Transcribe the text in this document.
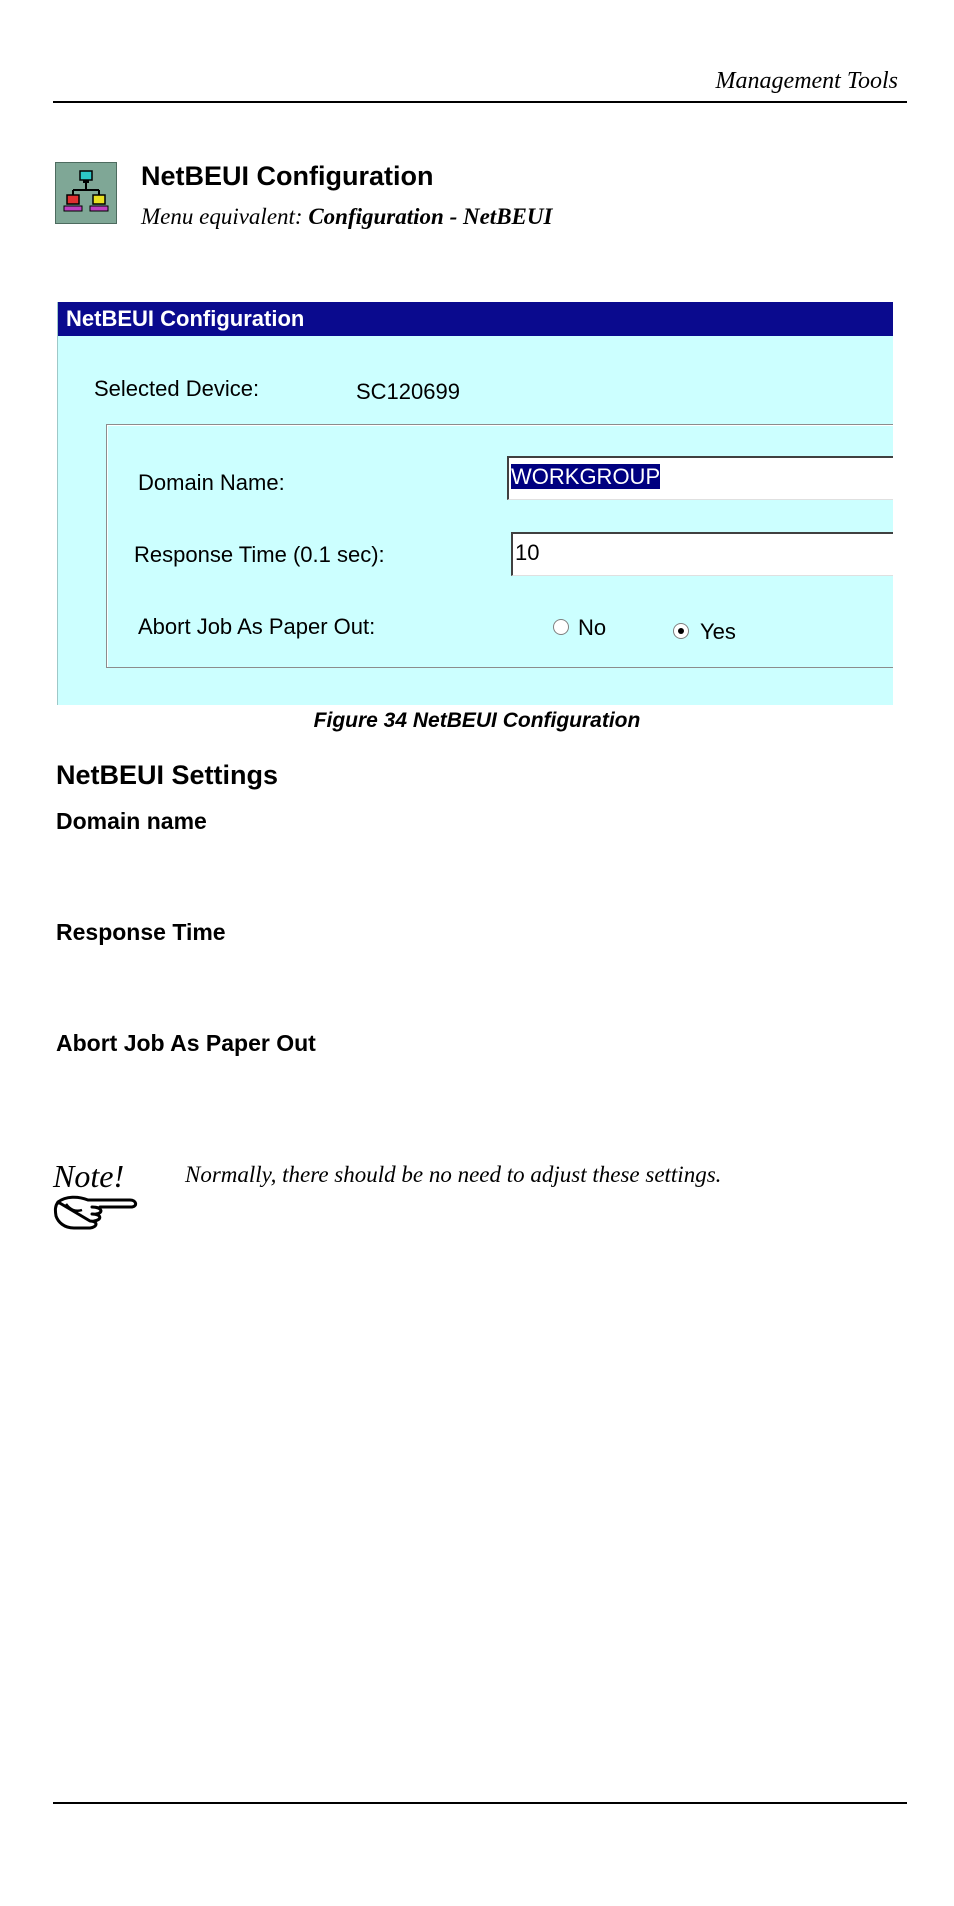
Management Tools
NetBEUI Configuration
Menu equivalent: Configuration - NetBEUI
NetBEUI Configuration
Selected Device:	SC120699
Domain Name:	WORKGROUP
Response Time (0.1 sec):	10
Abort Job As Paper Out:	No	Yes
Figure 34 NetBEUI Configuration
NetBEUI Settings
Domain name
Response Time
Abort Job As Paper Out
Note!	Normally, there should be no need to adjust these settings.
